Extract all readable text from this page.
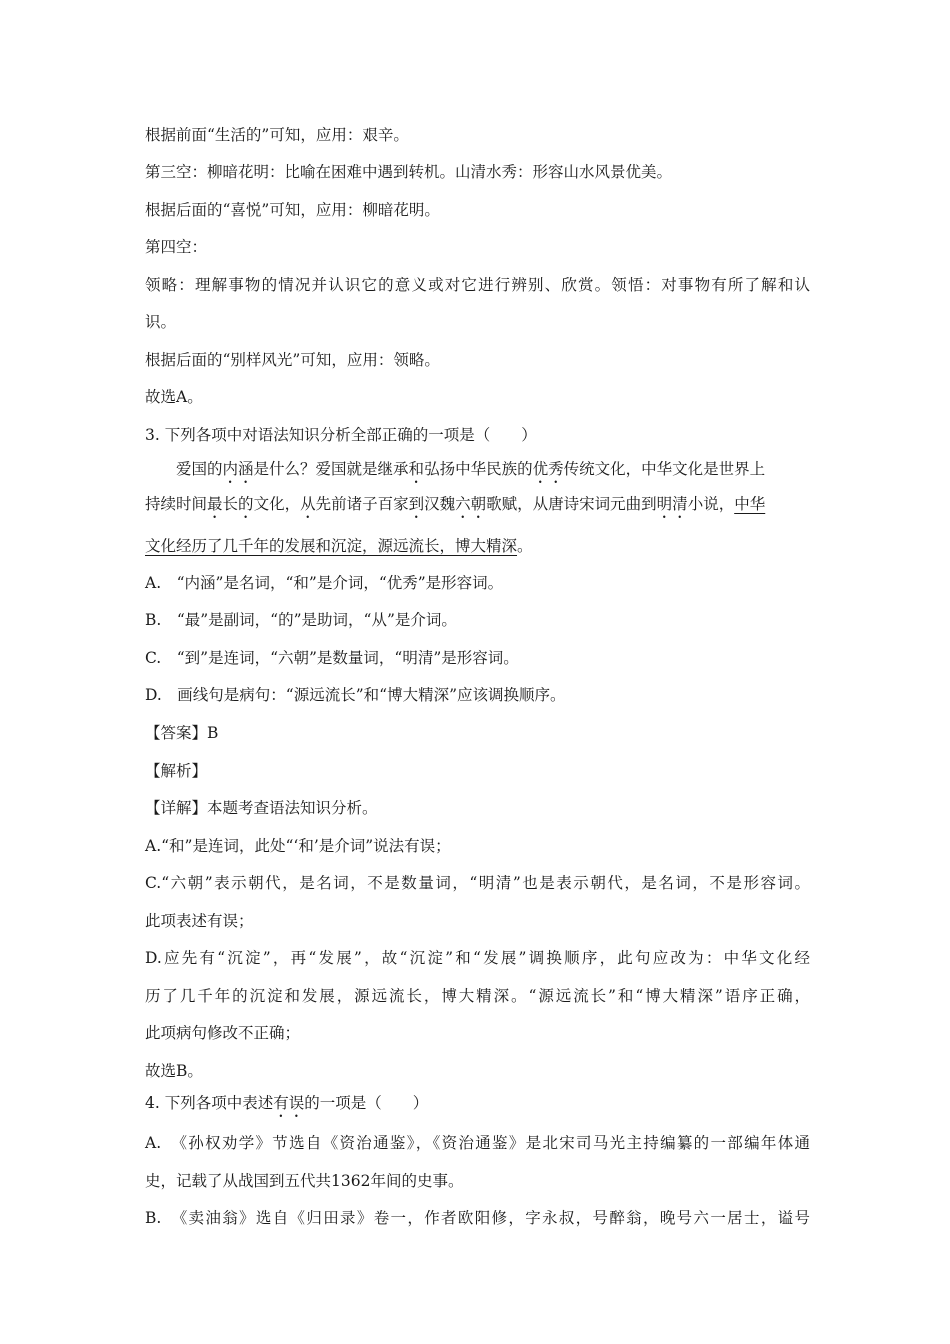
根据前面“生活的”可知，应用：艰辛。
第三空：柳暗花明：比喻在困难中遇到转机。山清水秀：形容山水风景优美。
根据后面的“喜悦”可知，应用：柳暗花明。
第四空：
领略：理解事物的情况并认识它的意义或对它进行辨别、欣赏。领悟：对事物有所了解和认
识。
根据后面的“别样风光”可知，应用：领略。
故选A。
3. 下列各项中对语法知识分析全部正确的一项是（　　）
爱国的内涵是什么？爱国就是继承和弘扬中华民族的优秀传统文化，中华文化是世界上
持续时间最长的文化，从先前诸子百家到汉魏六朝歌赋，从唐诗宋词元曲到明清小说，中华
文化经历了几千年的发展和沉淀，源远流长，博大精深。
A.　“内涵”是名词，“和”是介词，“优秀”是形容词。
B.　“最”是副词，“的”是助词，“从”是介词。
C.　“到”是连词，“六朝”是数量词，“明清”是形容词。
D.　画线句是病句：“源远流长”和“博大精深”应该调换顺序。
【答案】B
【解析】
【详解】本题考查语法知识分析。
A.“和”是连词，此处“‘和’是介词”说法有误；
C.“六朝”表示朝代，是名词，不是数量词，“明清”也是表示朝代，是名词，不是形容词。
此项表述有误；
D.应先有“沉淀”，再“发展”，故“沉淀”和“发展”调换顺序，此句应改为：中华文化经
历了几千年的沉淀和发展，源远流长，博大精深。“源远流长”和“博大精深”语序正确，
此项病句修改不正确；
故选B。
4. 下列各项中表述有误的一项是（　　）
A.　《孙权劝学》节选自《资治通鉴》，《资治通鉴》是北宋司马光主持编纂的一部编年体通
史，记载了从战国到五代共1362年间的史事。
B.　《卖油翁》选自《归田录》卷一，作者欧阳修，字永叔，号醉翁，晚号六一居士，谥号
